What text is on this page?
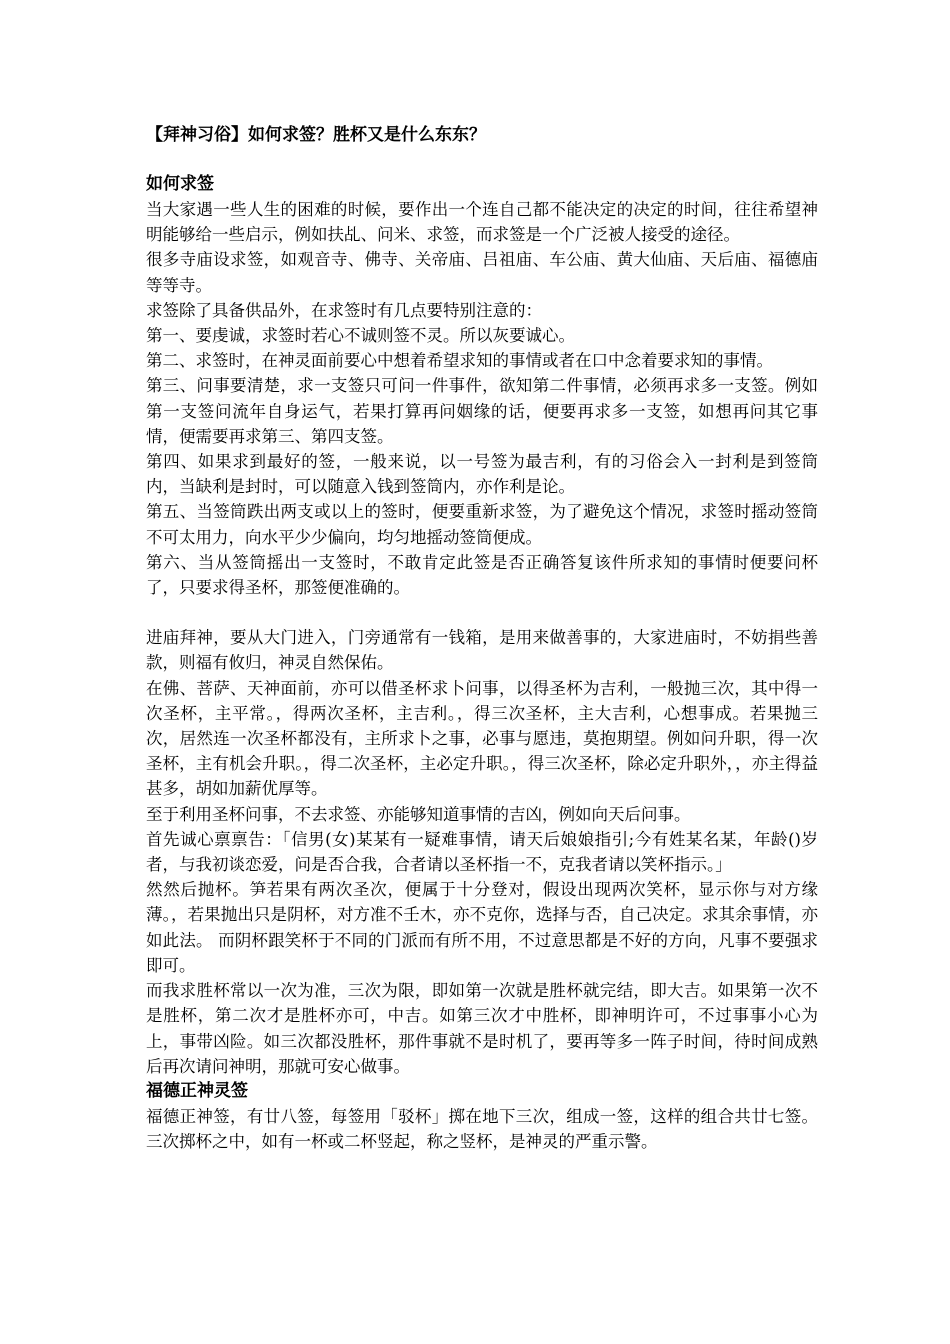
【拜神习俗】如何求签？胜杯又是什么东东？
如何求签

当大家遇一些人生的困难的时候，要作出一个连自己都不能决定的决定的时间，往往希望神明能够给一些启示，例如扶乩、问米、求签，而求签是一个广泛被人接受的途径。

很多寺庙设求签，如观音寺、佛寺、关帝庙、吕祖庙、车公庙、黄大仙庙、天后庙、福德庙等等寺。

求签除了具备供品外，在求签时有几点要特别注意的：

第一、要虔诚，求签时若心不诚则签不灵。所以灰要诚心。

第二、求签时，在神灵面前要心中想着希望求知的事情或者在口中念着要求知的事情。

第三、问事要清楚，求一支签只可问一件事件，欲知第二件事情，必须再求多一支签。例如第一支签问流年自身运气，若果打算再问姻缘的话，便要再求多一支签，如想再问其它事情，便需要再求第三、第四支签。

第四、如果求到最好的签，一般来说，以一号签为最吉利，有的习俗会入一封利是到签筒内，当缺利是封时，可以随意入钱到签筒内，亦作利是论。

第五、当签筒跌出两支或以上的签时，便要重新求签，为了避免这个情况，求签时摇动签筒不可太用力，向水平少少偏向，均匀地摇动签筒便成。

第六、当从签筒摇出一支签时，不敢肯定此签是否正确答复该件所求知的事情时便要问杯了，只要求得圣杯，那签便准确的。

进庙拜神，要从大门进入，门旁通常有一钱箱，是用来做善事的，大家进庙时，不妨捐些善款，则福有攸归，神灵自然保佑。

在佛、菩萨、天神面前，亦可以借圣杯求卜问事，以得圣杯为吉利，一般抛三次，其中得一次圣杯，主平常。，得两次圣杯，主吉利。，得三次圣杯，主大吉利，心想事成。若果抛三次，居然连一次圣杯都没有，主所求卜之事，必事与愿违，莫抱期望。例如问升职，得一次圣杯，主有机会升职。，得二次圣杯，主必定升职。，得三次圣杯，除必定升职外，，亦主得益甚多，胡如加薪优厚等。

至于利用圣杯问事，不去求签、亦能够知道事情的吉凶，例如向天后问事。

首先诚心禀禀告：「信男(女)某某有一疑难事情，请天后娘娘指引;今有姓某名某，年龄()岁者，与我初谈恋爱，问是否合我，合者请以圣杯指一不，克我者请以笑杯指示。」

然然后抛杯。笋若果有两次圣次，便属于十分登对，假设出现两次笑杯，显示你与对方缘薄。，若果抛出只是阴杯，对方准不壬木，亦不克你，选择与否，自己决定。求其余事情，亦如此法。 而阴杯跟笑杯于不同的门派而有所不用，不过意思都是不好的方向，凡事不要强求即可。

而我求胜杯常以一次为准，三次为限，即如第一次就是胜杯就完结，即大吉。如果第一次不是胜杯，第二次才是胜杯亦可，中吉。如第三次才中胜杯，即神明许可，不过事事小心为上，事带凶险。如三次都没胜杯，那件事就不是时机了，要再等多一阵子时间，待时间成熟后再次请问神明，那就可安心做事。

福德正神灵签

福德正神签，有廿八签，每签用「驳杯」掷在地下三次，组成一签，这样的组合共廿七签。三次掷杯之中，如有一杯或二杯竖起，称之竖杯，是神灵的严重示警。
